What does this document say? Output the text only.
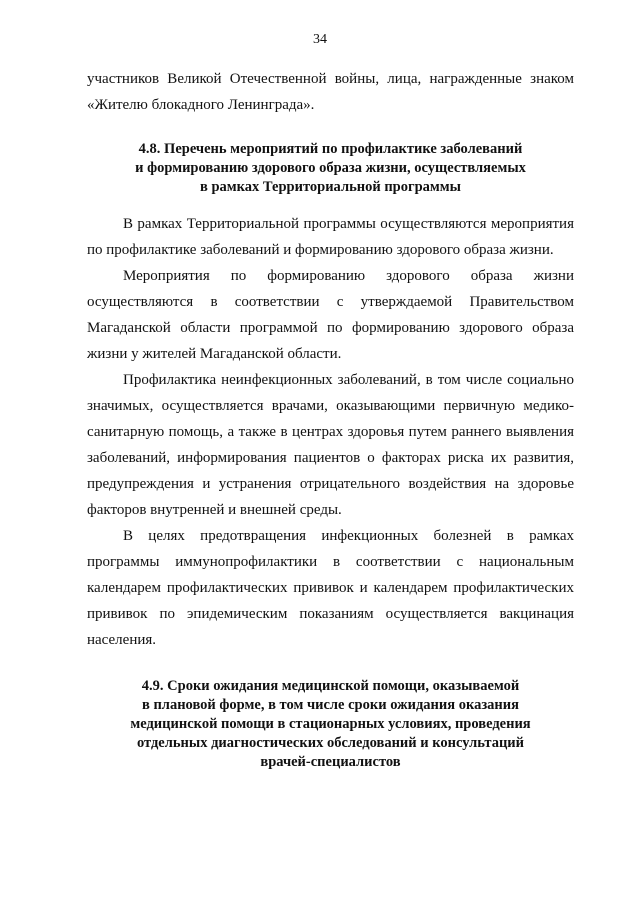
34

участников Великой Отечественной войны, лица, награжденные знаком «Жителю блокадного Ленинграда».

4.8. Перечень мероприятий по профилактике заболеваний
и формированию здорового образа жизни, осуществляемых
в рамках Территориальной программы

В рамках Территориальной программы осуществляются мероприятия по профилактике заболеваний и формированию здорового образа жизни.

Мероприятия по формированию здорового образа жизни осуществляются в соответствии с утверждаемой Правительством Магаданской области программой по формированию здорового образа жизни у жителей Магаданской области.

Профилактика неинфекционных заболеваний, в том числе социально значимых, осуществляется врачами, оказывающими первичную медико-санитарную помощь, а также в центрах здоровья путем раннего выявления заболеваний, информирования пациентов о факторах риска их развития, предупреждения и устранения отрицательного воздействия на здоровье факторов внутренней и внешней среды.

В целях предотвращения инфекционных болезней в рамках программы иммунопрофилактики в соответствии с национальным календарем профилактических прививок и календарем профилактических прививок по эпидемическим показаниям осуществляется вакцинация населения.

4.9. Сроки ожидания медицинской помощи, оказываемой
в плановой форме, в том числе сроки ожидания оказания
медицинской помощи в стационарных условиях, проведения
отдельных диагностических обследований и консультаций
врачей-специалистов
